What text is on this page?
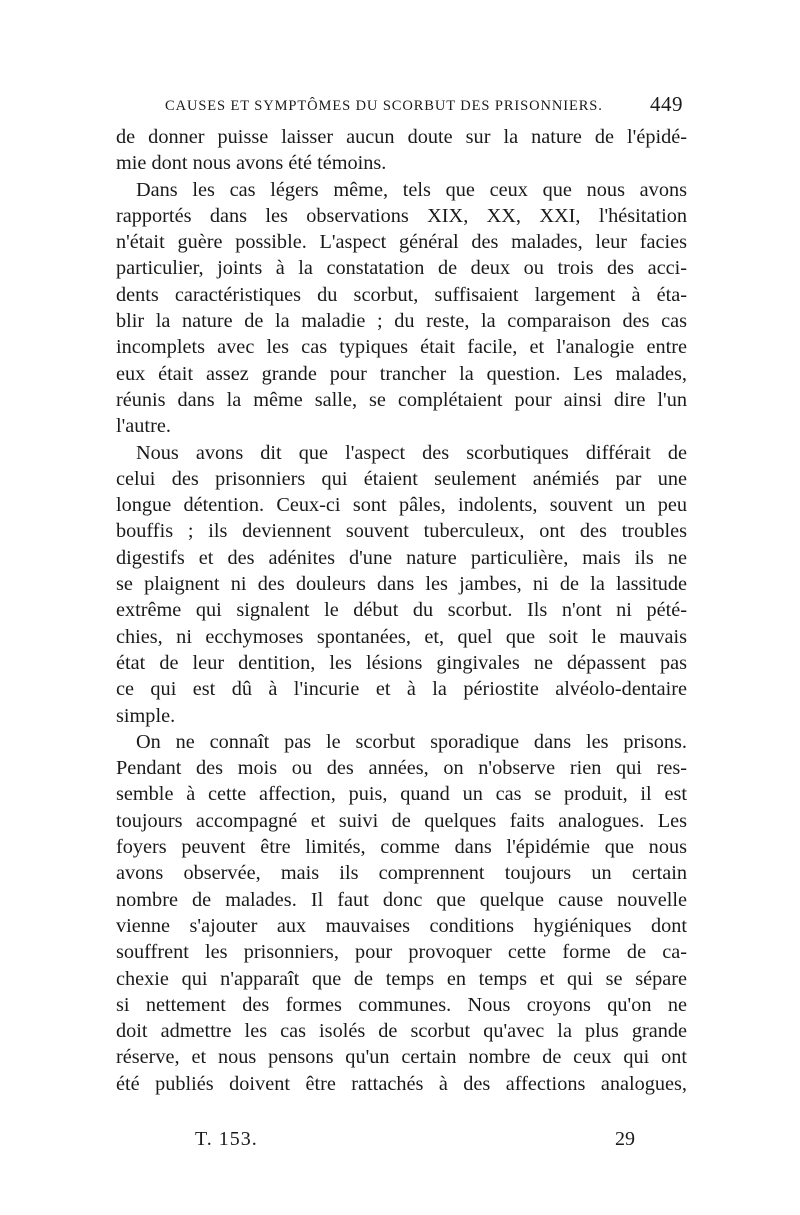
CAUSES ET SYMPTÔMES DU SCORBUT DES PRISONNIERS. 449
de donner puisse laisser aucun doute sur la nature de l'épidé-
mie dont nous avons été témoins.
Dans les cas légers même, tels que ceux que nous avons
rapportés dans les observations XIX, XX, XXI, l'hésitation
n'était guère possible. L'aspect général des malades, leur facies
particulier, joints à la constatation de deux ou trois des acci-
dents caractéristiques du scorbut, suffisaient largement à éta-
blir la nature de la maladie ; du reste, la comparaison des cas
incomplets avec les cas typiques était facile, et l'analogie entre
eux était assez grande pour trancher la question. Les malades,
réunis dans la même salle, se complétaient pour ainsi dire l'un
l'autre.
Nous avons dit que l'aspect des scorbutiques différait de
celui des prisonniers qui étaient seulement anémiés par une
longue détention. Ceux-ci sont pâles, indolents, souvent un peu
bouffis ; ils deviennent souvent tuberculeux, ont des troubles
digestifs et des adénites d'une nature particulière, mais ils ne
se plaignent ni des douleurs dans les jambes, ni de la lassitude
extrême qui signalent le début du scorbut. Ils n'ont ni pété-
chies, ni ecchymoses spontanées, et, quel que soit le mauvais
état de leur dentition, les lésions gingivales ne dépassent pas
ce qui est dû à l'incurie et à la périostite alvéolo-dentaire
simple.
On ne connaît pas le scorbut sporadique dans les prisons.
Pendant des mois ou des années, on n'observe rien qui res-
semble à cette affection, puis, quand un cas se produit, il est
toujours accompagné et suivi de quelques faits analogues. Les
foyers peuvent être limités, comme dans l'épidémie que nous
avons observée, mais ils comprennent toujours un certain
nombre de malades. Il faut donc que quelque cause nouvelle
vienne s'ajouter aux mauvaises conditions hygiéniques dont
souffrent les prisonniers, pour provoquer cette forme de ca-
chexie qui n'apparaît que de temps en temps et qui se sépare
si nettement des formes communes. Nous croyons qu'on ne
doit admettre les cas isolés de scorbut qu'avec la plus grande
réserve, et nous pensons qu'un certain nombre de ceux qui ont
été publiés doivent être rattachés à des affections analogues,
T. 153.	29
